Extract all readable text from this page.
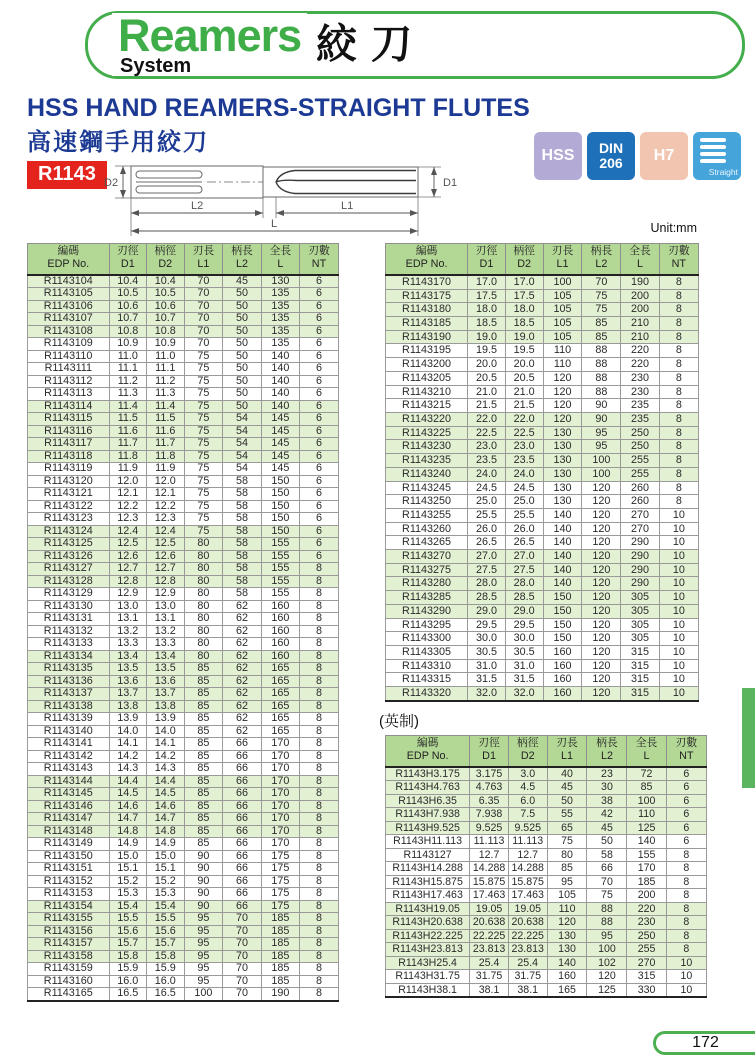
Reamers
System	絞刀
HSS HAND REAMERS-STRAIGHT FLUTES
高速鋼手用絞刀
R1143 D2	D1
L2	L1
L
HSS DIN
206 H7
Straight
Unit:mm
編碼
EDP No.

刃徑
D1

柄徑
D2

刃長
L1

柄長
L2

全長
L

刃數
NT

R1143104	10.4	10.4	70	45	130	6
R1143105	10.5	10.5	70	50	135	6
R1143106	10.6	10.6	70	50	135	6
R1143107	10.7	10.7	70	50	135	6
R1143108	10.8	10.8	70	50	135	6
R1143109	10.9	10.9	70	50	135	6
R1143110	11.0	11.0	75	50	140	6
R1143111	11.1	11.1	75	50	140	6
R1143112	11.2	11.2	75	50	140	6
R1143113	11.3	11.3	75	50	140	6
R1143114	11.4	11.4	75	50	140	6
R1143115	11.5	11.5	75	54	145	6
R1143116	11.6	11.6	75	54	145	6
R1143117	11.7	11.7	75	54	145	6
R1143118	11.8	11.8	75	54	145	6
R1143119	11.9	11.9	75	54	145	6
R1143120	12.0	12.0	75	58	150	6
R1143121	12.1	12.1	75	58	150	6
R1143122	12.2	12.2	75	58	150	6
R1143123	12.3	12.3	75	58	150	6
R1143124	12.4	12.4	75	58	150	6
R1143125	12.5	12.5	80	58	155	6
R1143126	12.6	12.6	80	58	155	6
R1143127	12.7	12.7	80	58	155	8
R1143128	12.8	12.8	80	58	155	8
R1143129	12.9	12.9	80	58	155	8
R1143130	13.0	13.0	80	62	160	8
R1143131	13.1	13.1	80	62	160	8
R1143132	13.2	13.2	80	62	160	8
R1143133	13.3	13.3	80	62	160	8
R1143134	13.4	13.4	80	62	160	8
R1143135	13.5	13.5	85	62	165	8
R1143136	13.6	13.6	85	62	165	8
R1143137	13.7	13.7	85	62	165	8
R1143138	13.8	13.8	85	62	165	8
R1143139	13.9	13.9	85	62	165	8
R1143140	14.0	14.0	85	62	165	8
R1143141	14.1	14.1	85	66	170	8
R1143142	14.2	14.2	85	66	170	8
R1143143	14.3	14.3	85	66	170	8
R1143144	14.4	14.4	85	66	170	8
R1143145	14.5	14.5	85	66	170	8
R1143146	14.6	14.6	85	66	170	8
R1143147	14.7	14.7	85	66	170	8
R1143148	14.8	14.8	85	66	170	8
R1143149	14.9	14.9	85	66	170	8
R1143150	15.0	15.0	90	66	175	8
R1143151	15.1	15.1	90	66	175	8
R1143152	15.2	15.2	90	66	175	8
R1143153	15.3	15.3	90	66	175	8
R1143154	15.4	15.4	90	66	175	8
R1143155	15.5	15.5	95	70	185	8
R1143156	15.6	15.6	95	70	185	8
R1143157	15.7	15.7	95	70	185	8
R1143158	15.8	15.8	95	70	185	8
R1143159	15.9	15.9	95	70	185	8
R1143160	16.0	16.0	95	70	185	8
R1143165	16.5	16.5	100	70	190	8
編碼
EDP No.

刃徑
D1

柄徑
D2

刃長
L1

柄長
L2

全長
L

刃數
NT

R1143170	17.0	17.0	100	70	190	8
R1143175	17.5	17.5	105	75	200	8
R1143180	18.0	18.0	105	75	200	8
R1143185	18.5	18.5	105	85	210	8
R1143190	19.0	19.0	105	85	210	8
R1143195	19.5	19.5	110	88	220	8
R1143200	20.0	20.0	110	88	220	8
R1143205	20.5	20.5	120	88	230	8
R1143210	21.0	21.0	120	88	230	8
R1143215	21.5	21.5	120	90	235	8
R1143220	22.0	22.0	120	90	235	8
R1143225	22.5	22.5	130	95	250	8
R1143230	23.0	23.0	130	95	250	8
R1143235	23.5	23.5	130	100	255	8
R1143240	24.0	24.0	130	100	255	8
R1143245	24.5	24.5	130	120	260	8
R1143250	25.0	25.0	130	120	260	8
R1143255	25.5	25.5	140	120	270	10
R1143260	26.0	26.0	140	120	270	10
R1143265	26.5	26.5	140	120	290	10
R1143270	27.0	27.0	140	120	290	10
R1143275	27.5	27.5	140	120	290	10
R1143280	28.0	28.0	140	120	290	10
R1143285	28.5	28.5	150	120	305	10
R1143290	29.0	29.0	150	120	305	10
R1143295	29.5	29.5	150	120	305	10
R1143300	30.0	30.0	150	120	305	10
R1143305	30.5	30.5	160	120	315	10
R1143310	31.0	31.0	160	120	315	10
R1143315	31.5	31.5	160	120	315	10
R1143320	32.0	32.0	160	120	315	10
(英制)
編碼
EDP No.

刃徑
D1

柄徑
D2

刃長
L1

柄長
L2

全長
L

刃數
NT

R1143H3.175	3.175	3.0	40	23	72	6
R1143H4.763	4.763	4.5	45	30	85	6
R1143H6.35	6.35	6.0	50	38	100	6
R1143H7.938	7.938	7.5	55	42	110	6
R1143H9.525	9.525	9.525	65	45	125	6
R1143H11.113	11.113	11.113	75	50	140	6
R1143127	12.7	12.7	80	58	155	8
R1143H14.288	14.288	14.288	85	66	170	8
R1143H15.875	15.875	15.875	95	70	185	8
R1143H17.463	17.463	17.463	105	75	200	8
R1143H19.05	19.05	19.05	110	88	220	8
R1143H20.638	20.638	20.638	120	88	230	8
R1143H22.225	22.225	22.225	130	95	250	8
R1143H23.813	23.813	23.813	130	100	255	8
R1143H25.4	25.4	25.4	140	102	270	10
R1143H31.75	31.75	31.75	160	120	315	10
R1143H38.1	38.1	38.1	165	125	330	10
172
